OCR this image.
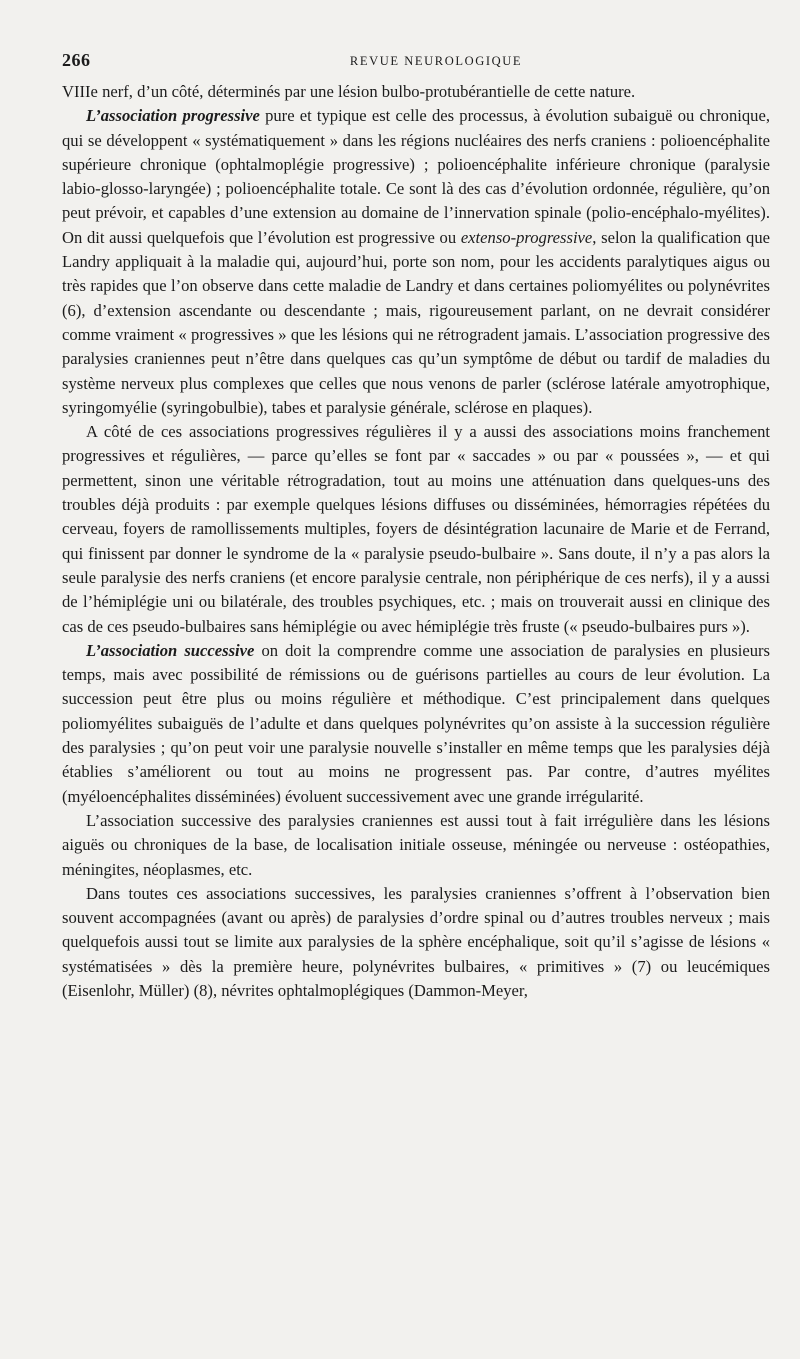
266	REVUE NEUROLOGIQUE

VIIIe nerf, d’un côté, déterminés par une lésion bulbo-protubérantielle de cette nature.

L’association progressive pure et typique est celle des processus, à évolution subaiguë ou chronique, qui se développent « systématiquement » dans les régions nucléaires des nerfs craniens : polioencéphalite supérieure chronique (ophtalmoplégie progressive) ; polioencéphalite inférieure chronique (paralysie labio-glosso-laryngée) ; polioencéphalite totale. Ce sont là des cas d’évolution ordonnée, régulière, qu’on peut prévoir, et capables d’une extension au domaine de l’innervation spinale (polio-encéphalo-myélites). On dit aussi quelquefois que l’évolution est progressive ou extenso-progressive, selon la qualification que Landry appliquait à la maladie qui, aujourd’hui, porte son nom, pour les accidents paralytiques aigus ou très rapides que l’on observe dans cette maladie de Landry et dans certaines poliomyélites ou polynévrites (6), d’extension ascendante ou descendante ; mais, rigoureusement parlant, on ne devrait considérer comme vraiment « progressives » que les lésions qui ne rétrogradent jamais. L’association progressive des paralysies craniennes peut n’être dans quelques cas qu’un symptôme de début ou tardif de maladies du système nerveux plus complexes que celles que nous venons de parler (sclérose latérale amyotrophique, syringomyélie (syringobulbie), tabes et paralysie générale, sclérose en plaques).

A côté de ces associations progressives régulières il y a aussi des associations moins franchement progressives et régulières, — parce qu’elles se font par « saccades » ou par « poussées », — et qui permettent, sinon une véritable rétrogradation, tout au moins une atténuation dans quelques-uns des troubles déjà produits : par exemple quelques lésions diffuses ou disséminées, hémorragies répétées du cerveau, foyers de ramollissements multiples, foyers de désintégration lacunaire de Marie et de Ferrand, qui finissent par donner le syndrome de la « paralysie pseudo-bulbaire ». Sans doute, il n’y a pas alors la seule paralysie des nerfs craniens (et encore paralysie centrale, non périphérique de ces nerfs), il y a aussi de l’hémiplégie uni ou bilatérale, des troubles psychiques, etc. ; mais on trouverait aussi en clinique des cas de ces pseudo-bulbaires sans hémiplégie ou avec hémiplégie très fruste (« pseudo-bulbaires purs »).

L’association successive on doit la comprendre comme une association de paralysies en plusieurs temps, mais avec possibilité de rémissions ou de guérisons partielles au cours de leur évolution. La succession peut être plus ou moins régulière et méthodique. C’est principalement dans quelques poliomyélites subaiguës de l’adulte et dans quelques polynévrites qu’on assiste à la succession régulière des paralysies ; qu’on peut voir une paralysie nouvelle s’installer en même temps que les paralysies déjà établies s’améliorent ou tout au moins ne progressent pas. Par contre, d’autres myélites (myéloencéphalites disséminées) évoluent successivement avec une grande irrégularité.

L’association successive des paralysies craniennes est aussi tout à fait irrégulière dans les lésions aiguës ou chroniques de la base, de localisation initiale osseuse, méningée ou nerveuse : ostéopathies, méningites, néoplasmes, etc.

Dans toutes ces associations successives, les paralysies craniennes s’offrent à l’observation bien souvent accompagnées (avant ou après) de paralysies d’ordre spinal ou d’autres troubles nerveux ; mais quelquefois aussi tout se limite aux paralysies de la sphère encéphalique, soit qu’il s’agisse de lésions « systématisées » dès la première heure, polynévrites bulbaires, « primitives » (7) ou leucémiques (Eisenlohr, Müller) (8), névrites ophtalmoplégiques (Dammon-Meyer,
